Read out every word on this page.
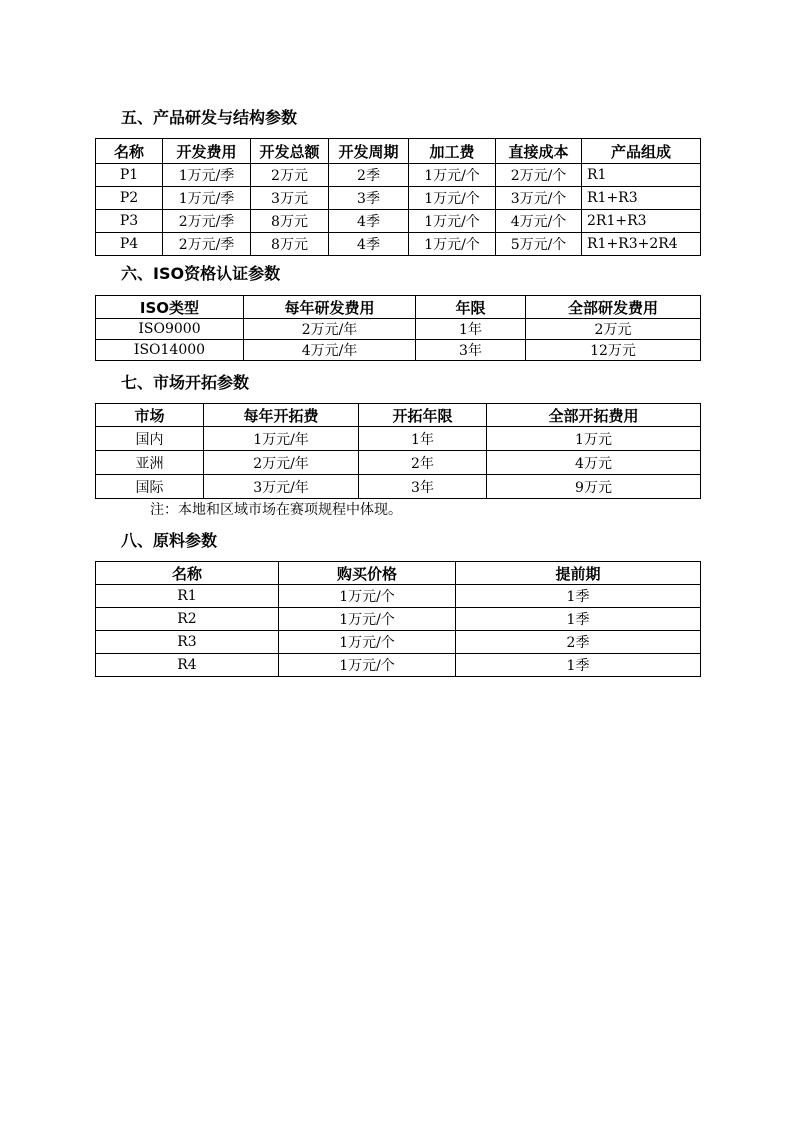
五、产品研发与结构参数
名称	开发费用	开发总额	开发周期	加工费	直接成本	产品组成
P1	1万元/季	2万元	2季	1万元/个	2万元/个	R1
P2	1万元/季	3万元	3季	1万元/个	3万元/个	R1+R3
P3	2万元/季	8万元	4季	1万元/个	4万元/个	2R1+R3
P4	2万元/季	8万元	4季	1万元/个	5万元/个	R1+R3+2R4
六、ISO资格认证参数
ISO类型	每年研发费用	年限	全部研发费用
ISO9000	2万元/年	1年	2万元
ISO14000	4万元/年	3年	12万元
七、市场开拓参数
市场	每年开拓费	开拓年限	全部开拓费用
国内	1万元/年	1年	1万元
亚洲	2万元/年	2年	4万元
国际	3万元/年	3年	9万元

注：本地和区域市场在赛项规程中体现。

八、原料参数
名称	购买价格	提前期
R1	1万元/个	1季
R2	1万元/个	1季
R3	1万元/个	2季
R4	1万元/个	1季
